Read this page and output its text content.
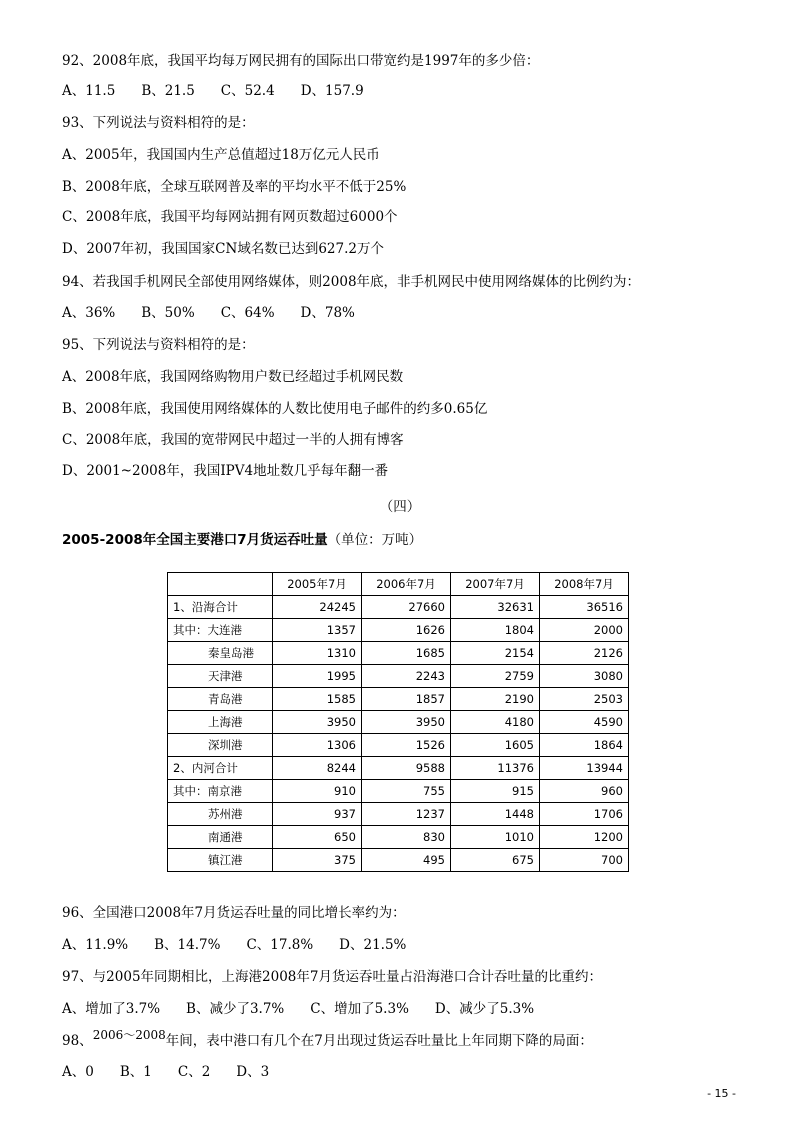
92、2008年底，我国平均每万网民拥有的国际出口带宽约是1997年的多少倍：
A、11.5 B、21.5 C、52.4 D、157.9
93、下列说法与资料相符的是：
A、2005年，我国国内生产总值超过18万亿元人民币
B、2008年底，全球互联网普及率的平均水平不低于25%
C、2008年底，我国平均每网站拥有网页数超过6000个
D、2007年初，我国国家CN域名数已达到627.2万个
94、若我国手机网民全部使用网络媒体，则2008年底，非手机网民中使用网络媒体的比例约为：
A、36% B、50% C、64% D、78%
95、下列说法与资料相符的是：
A、2008年底，我国网络购物用户数已经超过手机网民数
B、2008年底，我国使用网络媒体的人数比使用电子邮件的约多0.65亿
C、2008年底，我国的宽带网民中超过一半的人拥有博客
D、2001~2008年，我国IPV4地址数几乎每年翻一番
（四）
2005-2008年全国主要港口7月货运吞吐量（单位：万吨）
	2005年7月	2006年7月	2007年7月	2008年7月
1、沿海合计	24245	27660	32631	36516
其中：大连港	1357	1626	1804	2000
秦皇岛港	1310	1685	2154	2126
天津港	1995	2243	2759	3080
青岛港	1585	1857	2190	2503
上海港	3950	3950	4180	4590
深圳港	1306	1526	1605	1864
2、内河合计	8244	9588	11376	13944
其中：南京港	910	755	915	960
苏州港	937	1237	1448	1706
南通港	650	830	1010	1200
镇江港	375	495	675	700
96、全国港口2008年7月货运吞吐量的同比增长率约为：
A、11.9% B、14.7% C、17.8% D、21.5%
97、与2005年同期相比，上海港2008年7月货运吞吐量占沿海港口合计吞吐量的比重约：
A、增加了3.7% B、减少了3.7% C、增加了5.3% D、减少了5.3%
98、2006～2008年间，表中港口有几个在7月出现过货运吞吐量比上年同期下降的局面：
A、0 B、1 C、2 D、3
- 15 -
